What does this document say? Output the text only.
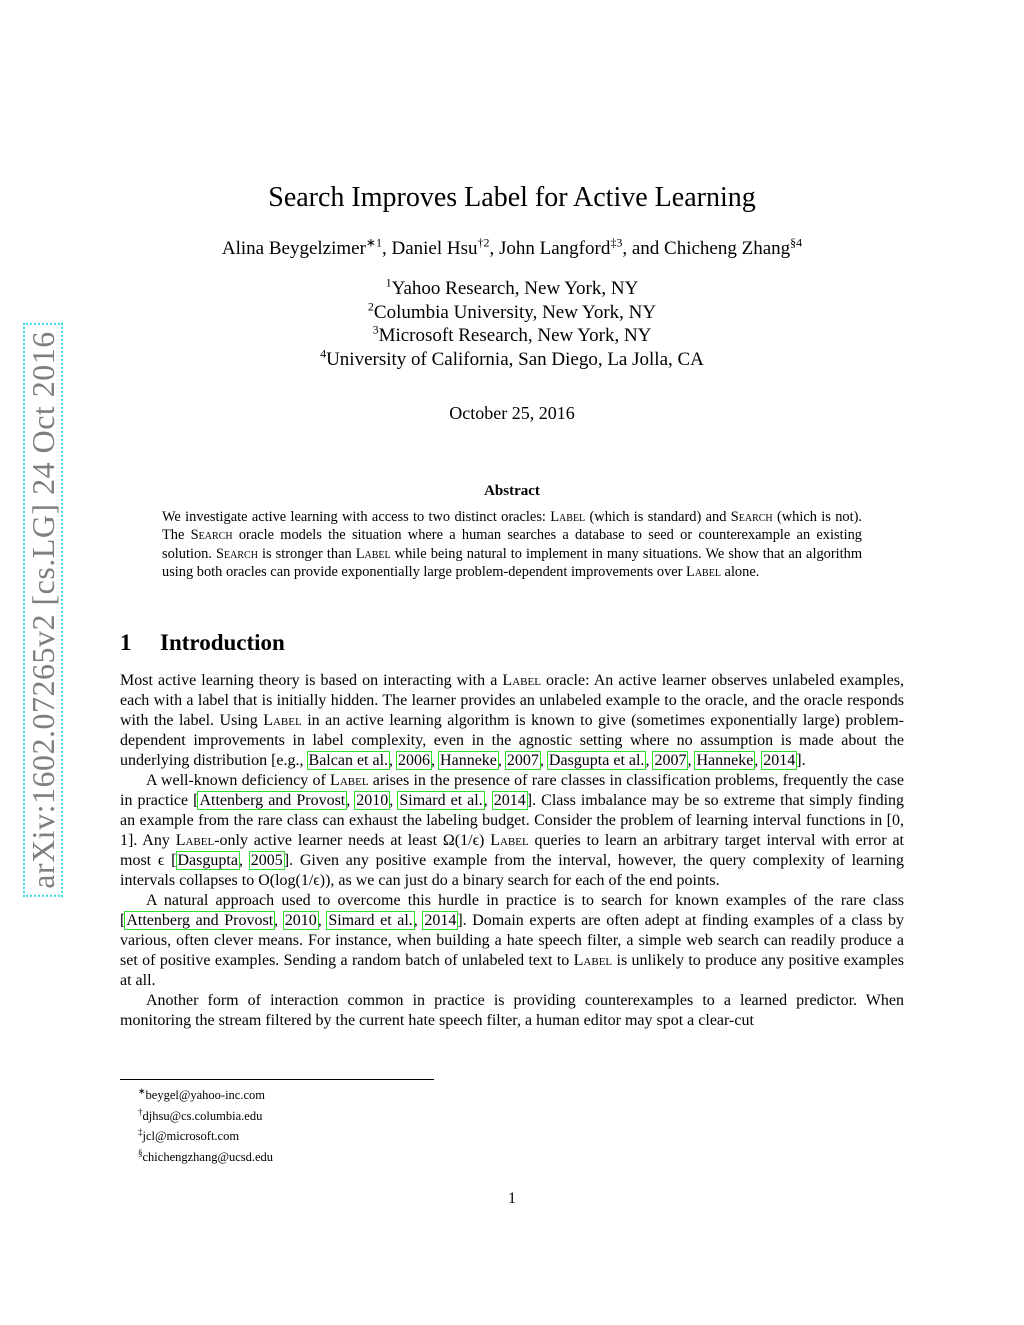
arXiv:1602.07265v2 [cs.LG] 24 Oct 2016
Search Improves Label for Active Learning
Alina Beygelzimer$^{∗1}$, Daniel Hsu$^{\dagger 2}$, John Langford$^{\ddagger 3}$, and Chicheng Zhang$^{\S 4}$
$^1$Yahoo Research, New York, NY
$^2$Columbia University, New York, NY
$^3$Microsoft Research, New York, NY
$^4$University of California, San Diego, La Jolla, CA
October 25, 2016
Abstract
We investigate active learning with access to two distinct oracles: Label (which is standard) and Search (which is not). The Search oracle models the situation where a human searches a database to seed or counterexample an existing solution. Search is stronger than Label while being natural to implement in many situations. We show that an algorithm using both oracles can provide exponentially large problem-dependent improvements over Label alone.
1 Introduction

Most active learning theory is based on interacting with a Label oracle: An active learner observes unlabeled examples, each with a label that is initially hidden. The learner provides an unlabeled example to the oracle, and the oracle responds with the label. Using Label in an active learning algorithm is known to give (sometimes exponentially large) problem-dependent improvements in label complexity, even in the agnostic setting where no assumption is made about the underlying distribution [e.g., Balcan et al., 2006, Hanneke, 2007, Dasgupta et al., 2007, Hanneke, 2014].

A well-known deficiency of Label arises in the presence of rare classes in classification problems, frequently the case in practice [Attenberg and Provost, 2010, Simard et al., 2014]. Class imbalance may be so extreme that simply finding an example from the rare class can exhaust the labeling budget. Consider the problem of learning interval functions in [0, 1]. Any Label-only active learner needs at least Ω(1/ϵ) Label queries to learn an arbitrary target interval with error at most ϵ [Dasgupta, 2005]. Given any positive example from the interval, however, the query complexity of learning intervals collapses to O(log(1/ϵ)), as we can just do a binary search for each of the end points.

A natural approach used to overcome this hurdle in practice is to search for known examples of the rare class [Attenberg and Provost, 2010, Simard et al., 2014]. Domain experts are often adept at finding examples of a class by various, often clever means. For instance, when building a hate speech filter, a simple web search can readily produce a set of positive examples. Sending a random batch of unlabeled text to Label is unlikely to produce any positive examples at all.

Another form of interaction common in practice is providing counterexamples to a learned predictor. When monitoring the stream filtered by the current hate speech filter, a human editor may spot a clear-cut

∗beygel@yahoo-inc.com
†djhsu@cs.columbia.edu
‡jcl@microsoft.com
§chichengzhang@ucsd.edu
1
